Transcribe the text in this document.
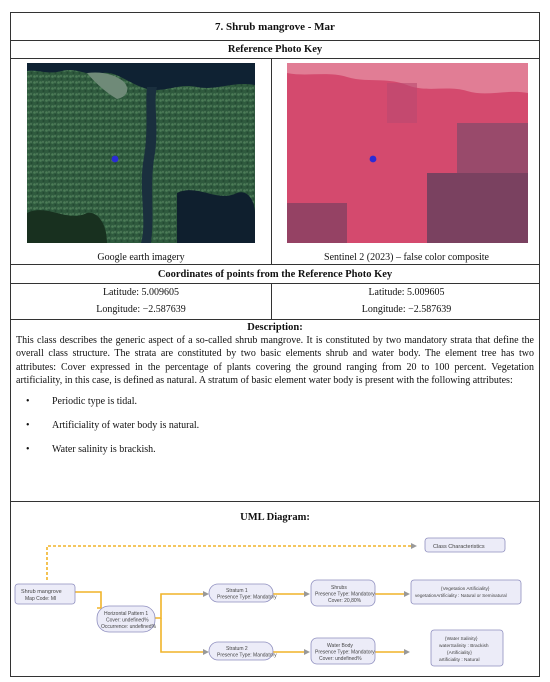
7. Shrub mangrove - Mar
Reference Photo Key
Google earth imagery	Sentinel 2 (2023) – false color composite
Coordinates of points from the Reference Photo Key
Latitude: 5.009605
Longitude: −2.587639
Latitude: 5.009605
Longitude: −2.587639
Description:

This class describes the generic aspect of a so-called shrub mangrove. It is constituted by two mandatory strata that define the overall class structure. The strata are constituted by two basic elements shrub and water body. The element tree has two attributes: Cover expressed in the percentage of plants covering the ground ranging from 20 to 100 percent. Vegetation artificiality, in this case, is defined as natural. A stratum of basic element water body is present with the following attributes:

• Periodic type is tidal.
• Artificiality of water body is natural.
• Water salinity is brackish.
UML Diagram:
Class Characteristics
Shrub mangrove
Map Code: MI
Horizontal Pattern 1
Cover: undefined%
Occurrence: undefined%
Stratum 1
Presence Type: Mandatory
Stratum 2
Presence Type: Mandatory
Shrubs
Presence Type: Mandatory
Cover: 20,80%
Water Body
Presence Type: Mandatory
Cover: undefined%
{Vegetation Artificiality}
vegetationArtificiality : Natural or Seminatural
{Water Salinity}
waterSalinity : Brackish
{Artificiality}
artificiality : Natural
